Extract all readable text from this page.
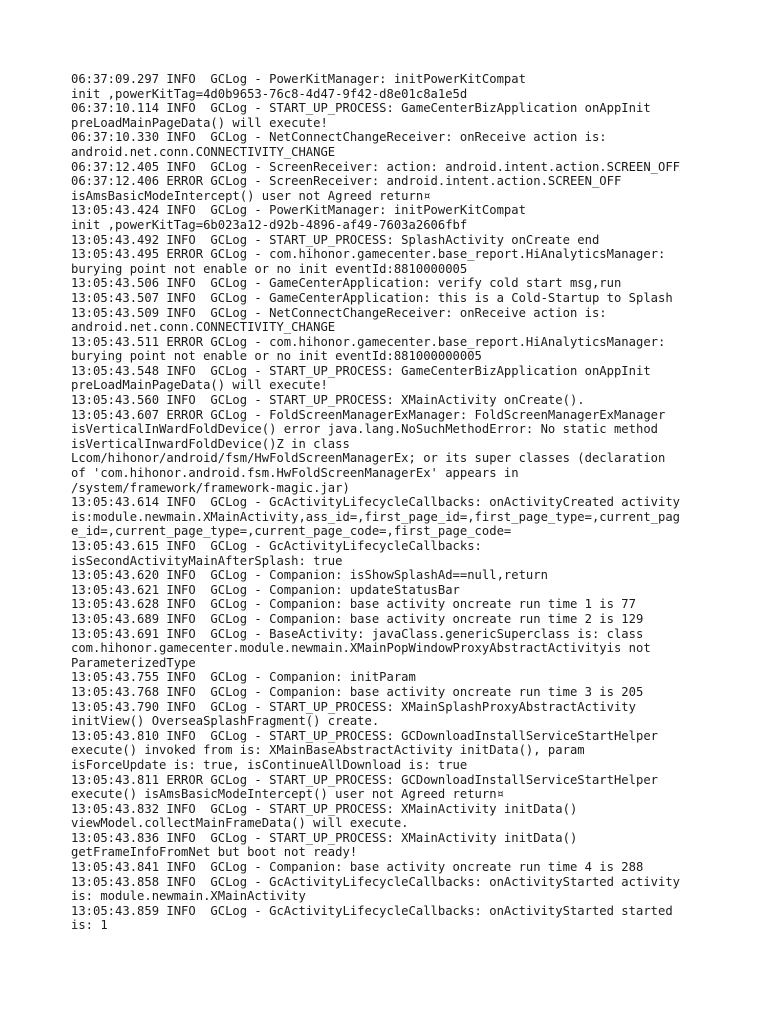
06:37:09.297 INFO  GCLog - PowerKitManager: initPowerKitCompat
init ,powerKitTag=4d0b9653-76c8-4d47-9f42-d8e01c8a1e5d
06:37:10.114 INFO  GCLog - START_UP_PROCESS: GameCenterBizApplication onAppInit
preLoadMainPageData() will execute!
06:37:10.330 INFO  GCLog - NetConnectChangeReceiver: onReceive action is:
android.net.conn.CONNECTIVITY_CHANGE
06:37:12.405 INFO  GCLog - ScreenReceiver: action: android.intent.action.SCREEN_OFF
06:37:12.406 ERROR GCLog - ScreenReceiver: android.intent.action.SCREEN_OFF
isAmsBasicModeIntercept() user not Agreed return¤
13:05:43.424 INFO  GCLog - PowerKitManager: initPowerKitCompat
init ,powerKitTag=6b023a12-d92b-4896-af49-7603a2606fbf
13:05:43.492 INFO  GCLog - START_UP_PROCESS: SplashActivity onCreate end
13:05:43.495 ERROR GCLog - com.hihonor.gamecenter.base_report.HiAnalyticsManager:
burying point not enable or no init eventId:8810000005
13:05:43.506 INFO  GCLog - GameCenterApplication: verify cold start msg,run
13:05:43.507 INFO  GCLog - GameCenterApplication: this is a Cold-Startup to Splash
13:05:43.509 INFO  GCLog - NetConnectChangeReceiver: onReceive action is:
android.net.conn.CONNECTIVITY_CHANGE
13:05:43.511 ERROR GCLog - com.hihonor.gamecenter.base_report.HiAnalyticsManager:
burying point not enable or no init eventId:881000000005
13:05:43.548 INFO  GCLog - START_UP_PROCESS: GameCenterBizApplication onAppInit
preLoadMainPageData() will execute!
13:05:43.560 INFO  GCLog - START_UP_PROCESS: XMainActivity onCreate().
13:05:43.607 ERROR GCLog - FoldScreenManagerExManager: FoldScreenManagerExManager
isVerticalInWardFoldDevice() error java.lang.NoSuchMethodError: No static method
isVerticalInwardFoldDevice()Z in class
Lcom/hihonor/android/fsm/HwFoldScreenManagerEx; or its super classes (declaration
of 'com.hihonor.android.fsm.HwFoldScreenManagerEx' appears in
/system/framework/framework-magic.jar)
13:05:43.614 INFO  GCLog - GcActivityLifecycleCallbacks: onActivityCreated activity
is:module.newmain.XMainActivity,ass_id=,first_page_id=,first_page_type=,current_pag
e_id=,current_page_type=,current_page_code=,first_page_code=
13:05:43.615 INFO  GCLog - GcActivityLifecycleCallbacks:
isSecondActivityMainAfterSplash: true
13:05:43.620 INFO  GCLog - Companion: isShowSplashAd==null,return
13:05:43.621 INFO  GCLog - Companion: updateStatusBar
13:05:43.628 INFO  GCLog - Companion: base activity oncreate run time 1 is 77
13:05:43.689 INFO  GCLog - Companion: base activity oncreate run time 2 is 129
13:05:43.691 INFO  GCLog - BaseActivity: javaClass.genericSuperclass is: class
com.hihonor.gamecenter.module.newmain.XMainPopWindowProxyAbstractActivityis not
ParameterizedType
13:05:43.755 INFO  GCLog - Companion: initParam
13:05:43.768 INFO  GCLog - Companion: base activity oncreate run time 3 is 205
13:05:43.790 INFO  GCLog - START_UP_PROCESS: XMainSplashProxyAbstractActivity
initView() OverseaSplashFragment() create.
13:05:43.810 INFO  GCLog - START_UP_PROCESS: GCDownloadInstallServiceStartHelper
execute() invoked from is: XMainBaseAbstractActivity initData(), param
isForceUpdate is: true, isContinueAllDownload is: true
13:05:43.811 ERROR GCLog - START_UP_PROCESS: GCDownloadInstallServiceStartHelper
execute() isAmsBasicModeIntercept() user not Agreed return¤
13:05:43.832 INFO  GCLog - START_UP_PROCESS: XMainActivity initData()
viewModel.collectMainFrameData() will execute.
13:05:43.836 INFO  GCLog - START_UP_PROCESS: XMainActivity initData()
getFrameInfoFromNet but boot not ready!
13:05:43.841 INFO  GCLog - Companion: base activity oncreate run time 4 is 288
13:05:43.858 INFO  GCLog - GcActivityLifecycleCallbacks: onActivityStarted activity
is: module.newmain.XMainActivity
13:05:43.859 INFO  GCLog - GcActivityLifecycleCallbacks: onActivityStarted started
is: 1
